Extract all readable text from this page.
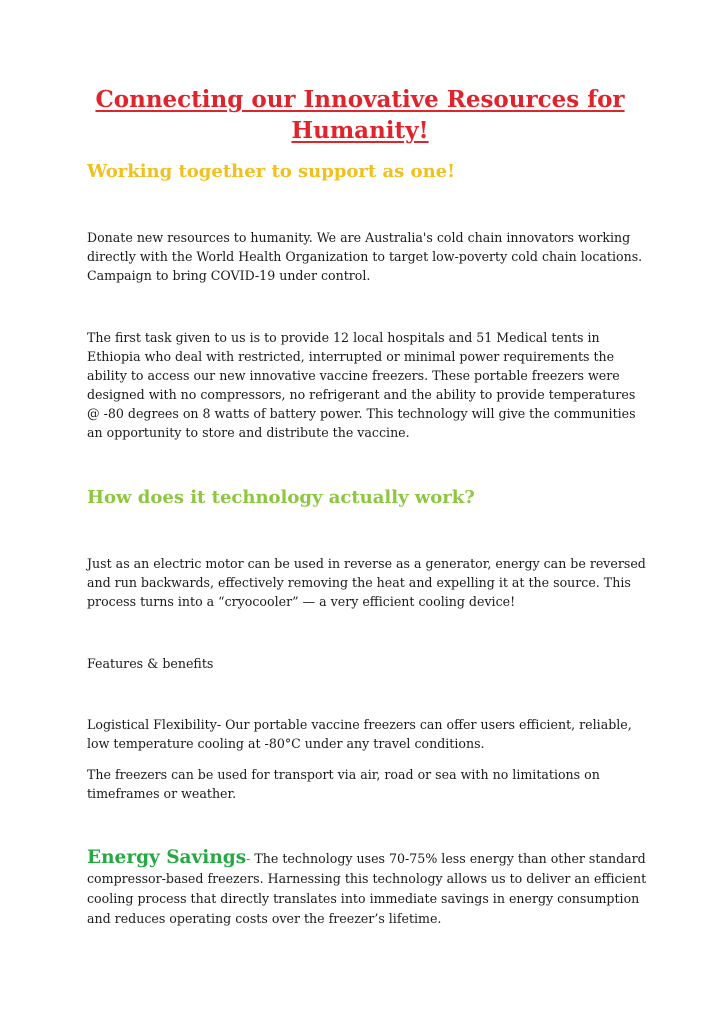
Connecting our Innovative Resources for Humanity!
Working together to support as one!
Donate new resources to humanity. We are Australia's cold chain innovators working directly with the World Health Organization to target low-poverty cold chain locations. Campaign to bring COVID-19 under control.
The first task given to us is to provide 12 local hospitals and 51 Medical tents in Ethiopia who deal with restricted, interrupted or minimal power requirements the ability to access our new innovative vaccine freezers. These portable freezers were designed with no compressors, no refrigerant and the ability to provide temperatures @ -80 degrees on 8 watts of battery power. This technology will give the communities an opportunity to store and distribute the vaccine.
How does it technology actually work?
Just as an electric motor can be used in reverse as a generator, energy can be reversed and run backwards, effectively removing the heat and expelling it at the source. This process turns into a “cryocooler” — a very efficient cooling device!
Features & benefits
Logistical Flexibility- Our portable vaccine freezers can offer users efficient, reliable, low temperature cooling at -80°C under any travel conditions.
The freezers can be used for transport via air, road or sea with no limitations on timeframes or weather.
Energy Savings- The technology uses 70-75% less energy than other standard compressor-based freezers. Harnessing this technology allows us to deliver an efficient cooling process that directly translates into immediate savings in energy consumption and reduces operating costs over the freezer’s lifetime.
